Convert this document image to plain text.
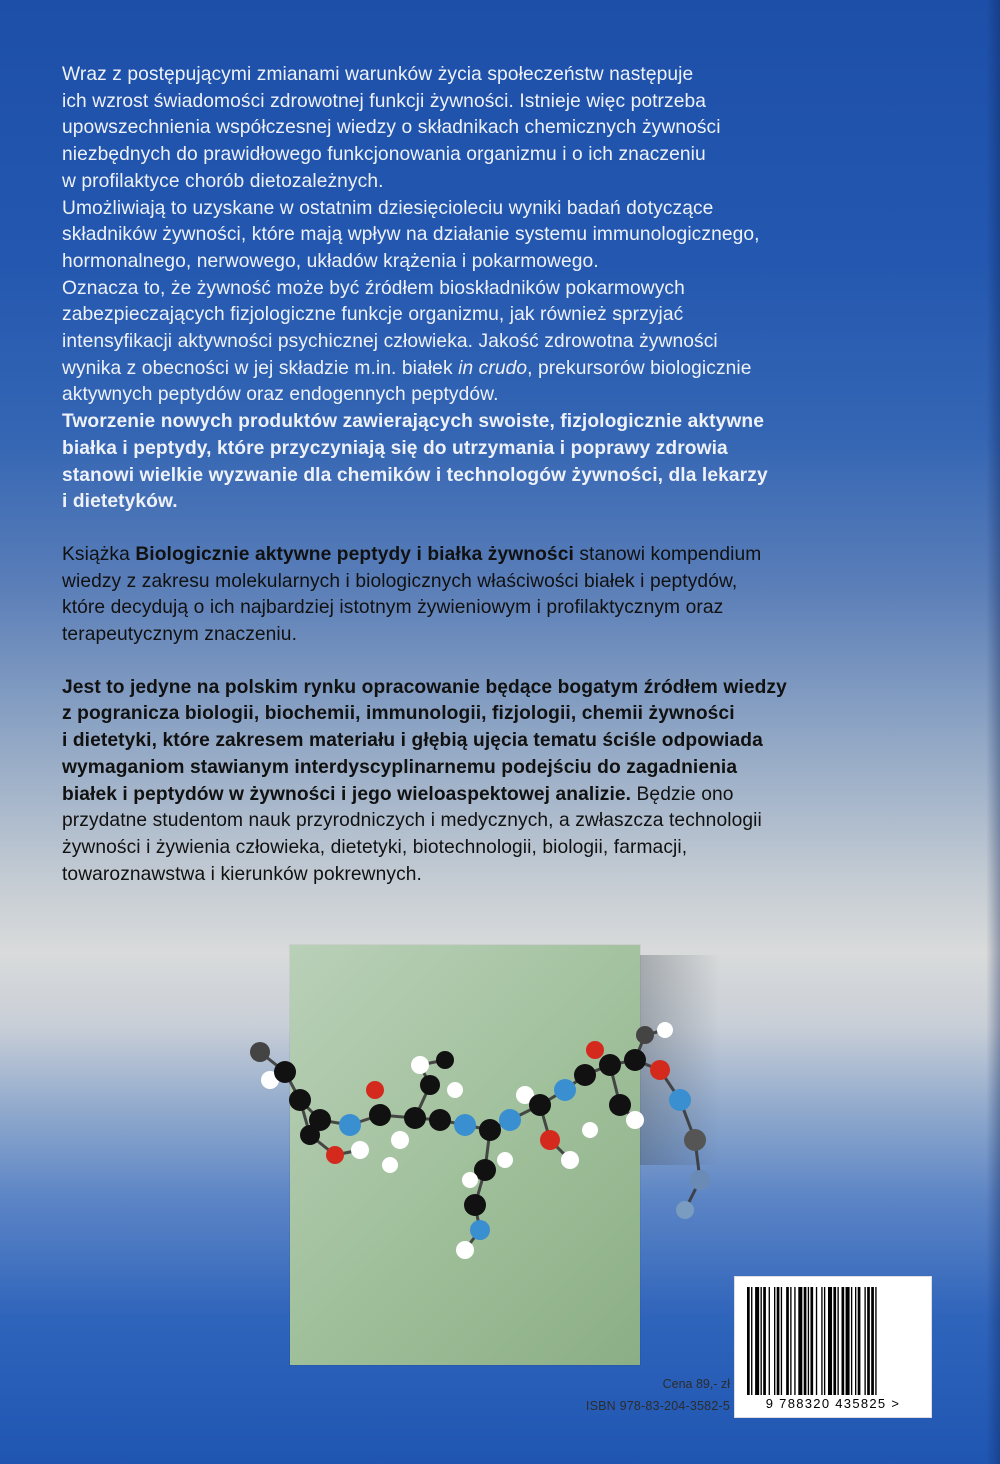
Wraz z postępującymi zmianami warunków życia społeczeństw następuje
ich wzrost świadomości zdrowotnej funkcji żywności. Istnieje więc potrzeba
upowszechnienia współczesnej wiedzy o składnikach chemicznych żywności
niezbędnych do prawidłowego funkcjonowania organizmu i o ich znaczeniu
w profilaktyce chorób dietozależnych.

Umożliwiają to uzyskane w ostatnim dziesięcioleciu wyniki badań dotyczące
składników żywności, które mają wpływ na działanie systemu immunologicznego,
hormonalnego, nerwowego, układów krążenia i pokarmowego.

Oznacza to, że żywność może być źródłem bioskładników pokarmowych
zabezpieczających fizjologiczne funkcje organizmu, jak również sprzyjać
intensyfikacji aktywności psychicznej człowieka. Jakość zdrowotna żywności
wynika z obecności w jej składzie m.in. białek in crudo, prekursorów biologicznie
aktywnych peptydów oraz endogennych peptydów.

Tworzenie nowych produktów zawierających swoiste, fizjologicznie aktywne
białka i peptydy, które przyczyniają się do utrzymania i poprawy zdrowia
stanowi wielkie wyzwanie dla chemików i technologów żywności, dla lekarzy
i dietetyków.

Książka Biologicznie aktywne peptydy i białka żywności stanowi kompendium
wiedzy z zakresu molekularnych i biologicznych właściwości białek i peptydów,
które decydują o ich najbardziej istotnym żywieniowym i profilaktycznym oraz
terapeutycznym znaczeniu.

Jest to jedyne na polskim rynku opracowanie będące bogatym źródłem wiedzy
z pogranicza biologii, biochemii, immunologii, fizjologii, chemii żywności
i dietetyki, które zakresem materiału i głębią ujęcia tematu ściśle odpowiada
wymaganiom stawianym interdyscyplinarnemu podejściu do zagadnienia
białek i peptydów w żywności i jego wieloaspektowej analizie. Będzie ono
przydatne studentom nauk przyrodniczych i medycznych, a zwłaszcza technologii
żywności i żywienia człowieka, dietetyki, biotechnologii, biologii, farmacji,
towaroznawstwa i kierunków pokrewnych.

Cena 89,- zł
ISBN 978-83-204-3582-5	9 788320 435825 >
